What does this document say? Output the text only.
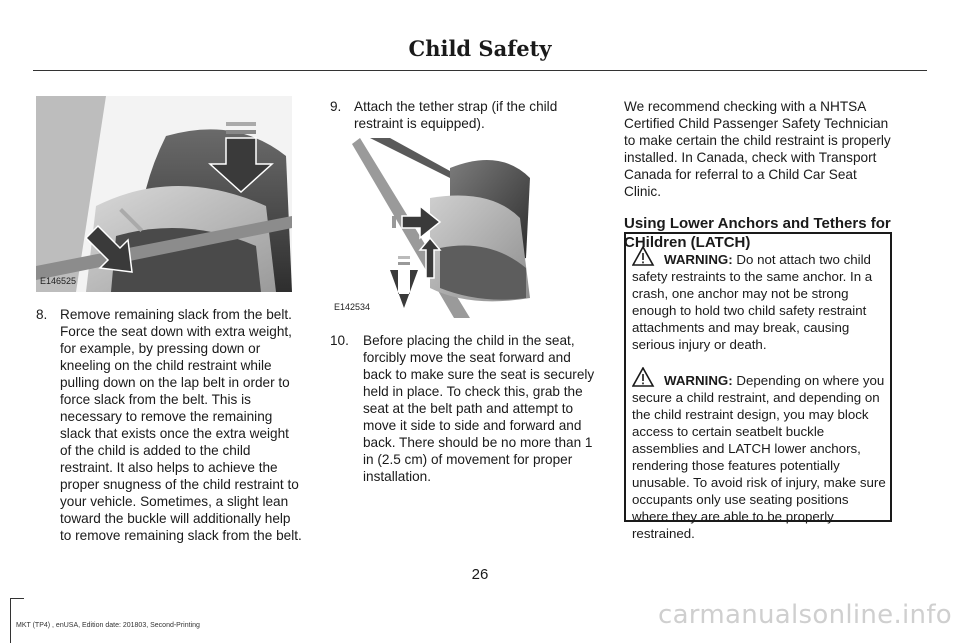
Child Safety
E146525
8. Remove remaining slack from the belt. Force the seat down with extra weight, for example, by pressing down or kneeling on the child restraint while pulling down on the lap belt in order to force slack from the belt. This is necessary to remove the remaining slack that exists once the extra weight of the child is added to the child restraint. It also helps to achieve the proper snugness of the child restraint to your vehicle. Sometimes, a slight lean toward the buckle will additionally help to remove remaining slack from the belt.

9. Attach the tether strap (if the child restraint is equipped).

E142534
10. Before placing the child in the seat, forcibly move the seat forward and back to make sure the seat is securely held in place. To check this, grab the seat at the belt path and attempt to move it side to side and forward and back. There should be no more than 1 in (2.5 cm) of movement for proper installation.

We recommend checking with a NHTSA Certified Child Passenger Safety Technician to make certain the child restraint is properly installed. In Canada, check with Transport Canada for referral to a Child Car Seat Clinic.

Using Lower Anchors and Tethers for CHildren (LATCH)

WARNING: Do not attach two child safety restraints to the same anchor. In a crash, one anchor may not be strong enough to hold two child safety restraint attachments and may break, causing serious injury or death.

WARNING: Depending on where you secure a child restraint, and depending on the child restraint design, you may block access to certain seatbelt buckle assemblies and LATCH lower anchors, rendering those features potentially unusable. To avoid risk of injury, make sure occupants only use seating positions where they are able to be properly restrained.

26
MKT (TP4) , enUSA, Edition date: 201803, Second-Printing	carmanualsonline.info
